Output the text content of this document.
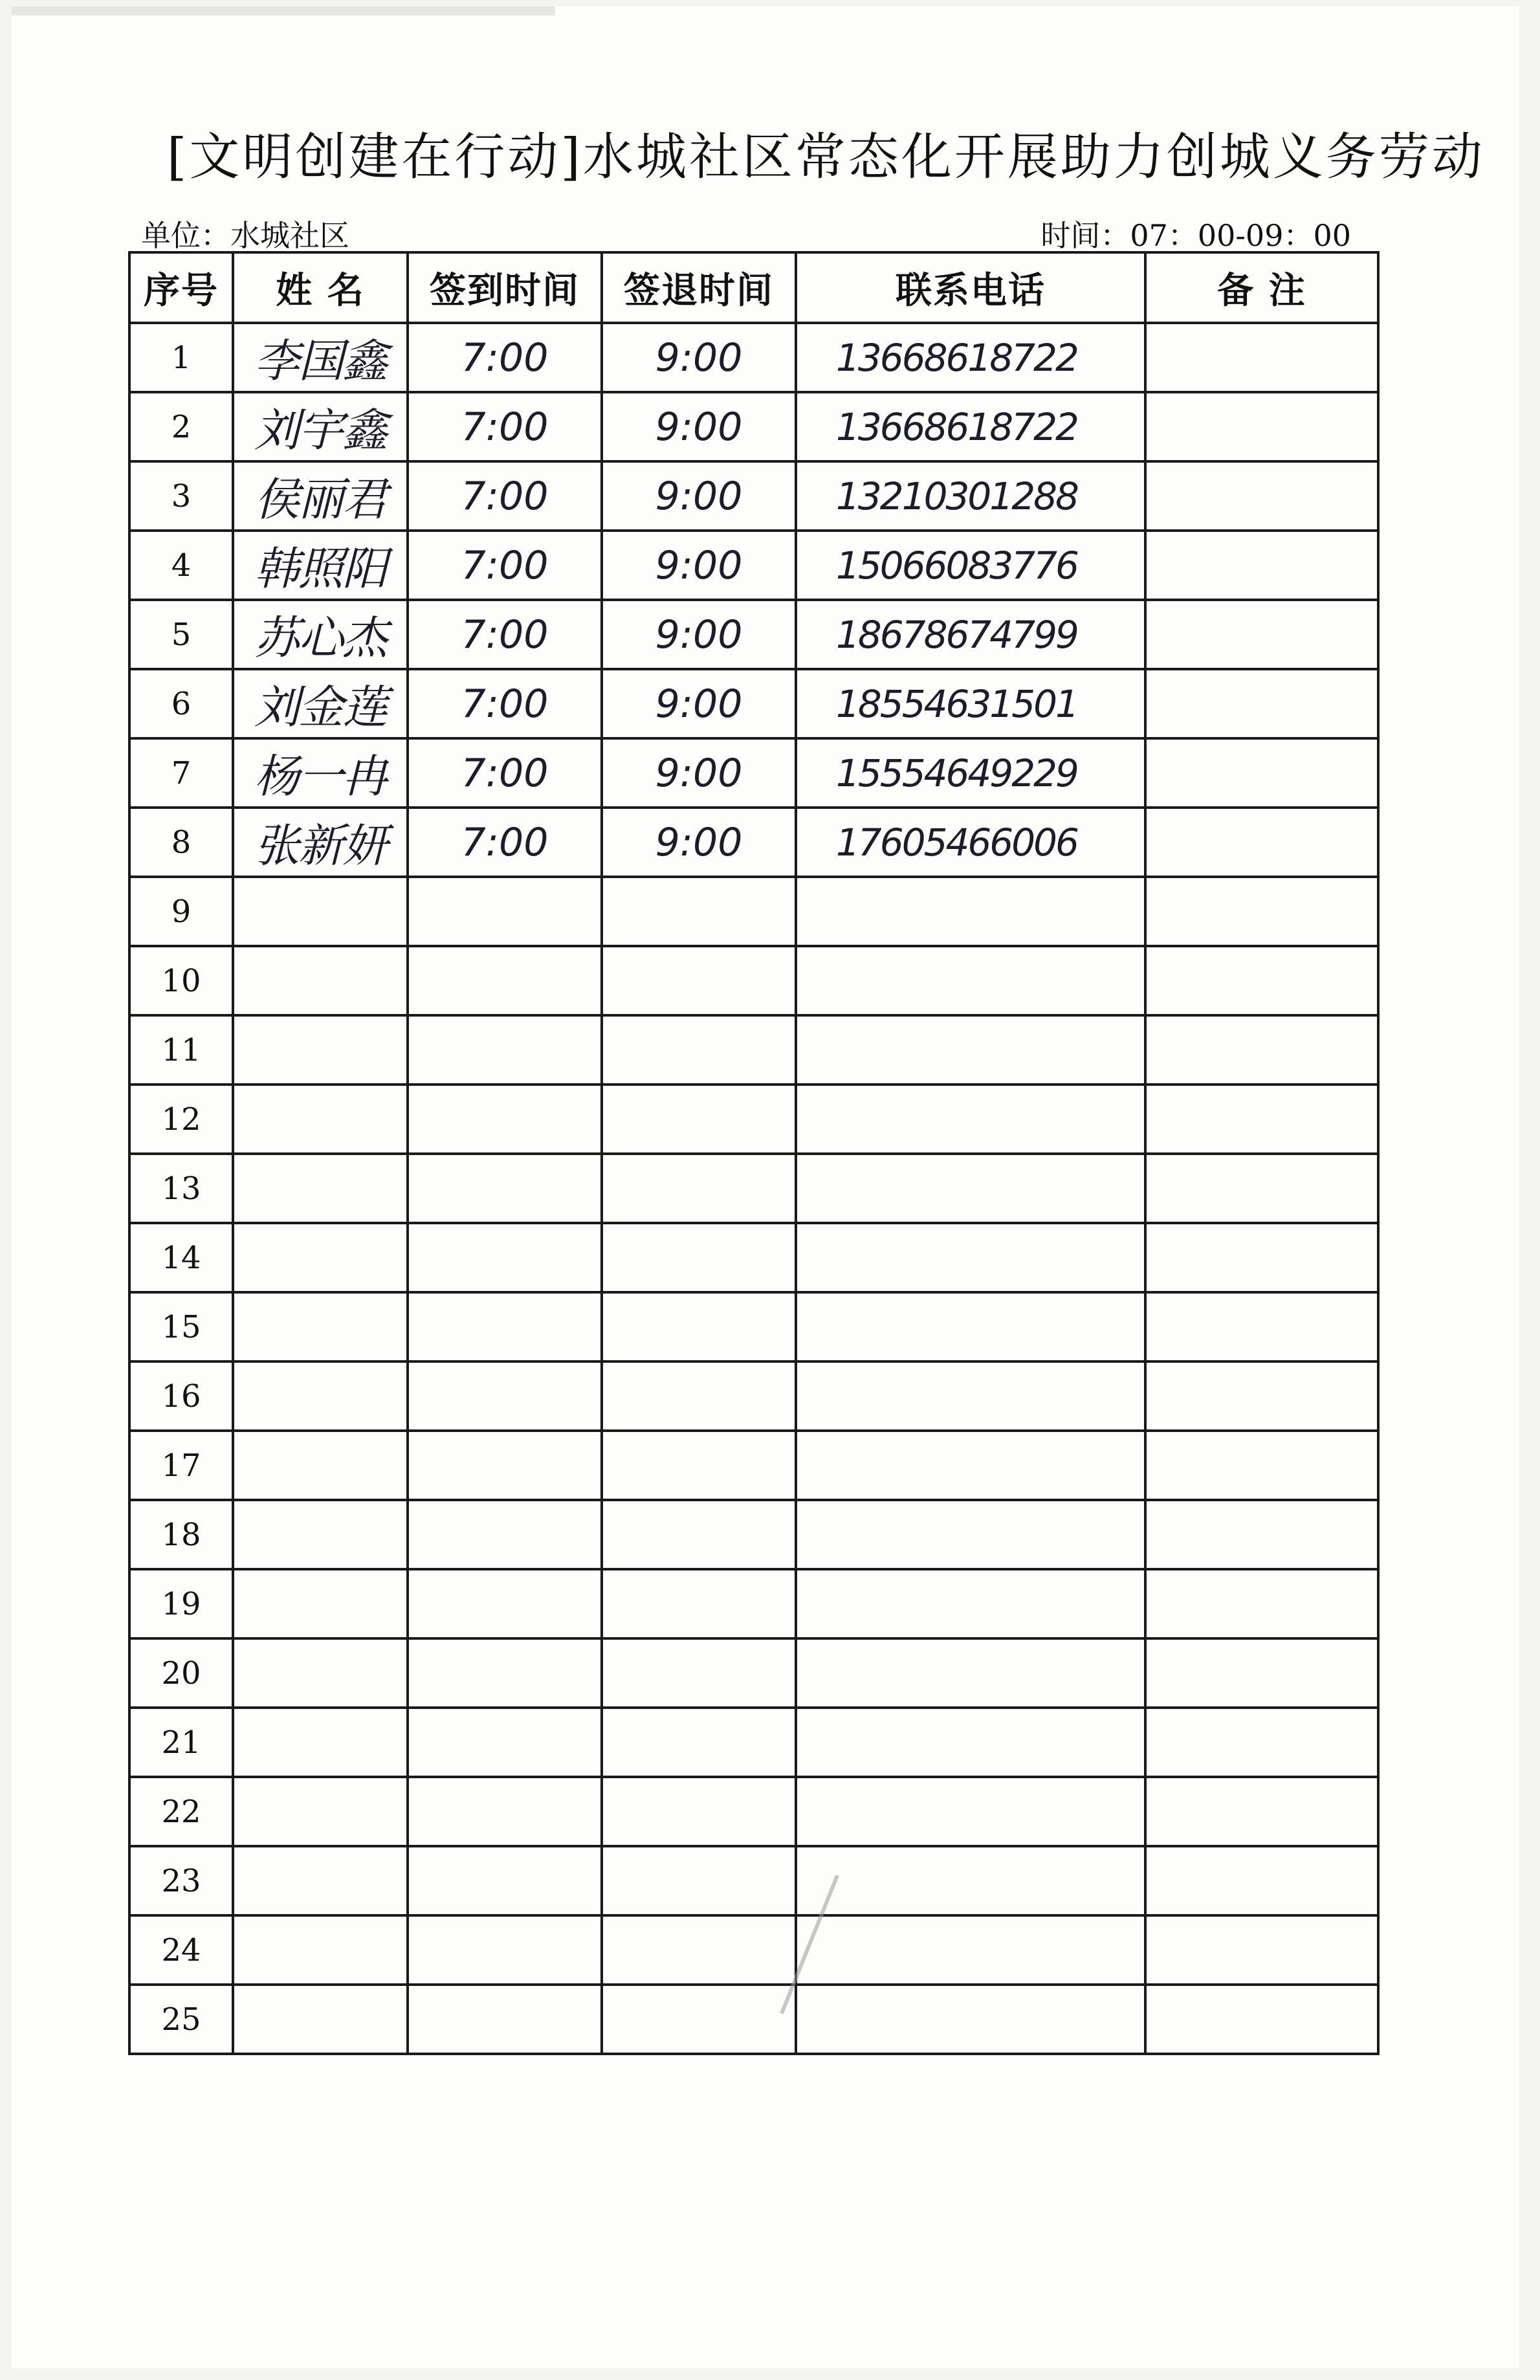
[文明创建在行动]水城社区常态化开展助力创城义务劳动
单位：水城社区	时间：07：00-09：00
序号	姓 名	签到时间	签退时间	联系电话	备 注
1	李国鑫	7:00	9:00	13668618722	
2	刘宇鑫	7:00	9:00	13668618722	
3	侯丽君	7:00	9:00	13210301288	
4	韩照阳	7:00	9:00	15066083776	
5	苏心杰	7:00	9:00	18678674799	
6	刘金莲	7:00	9:00	18554631501	
7	杨一冉	7:00	9:00	15554649229	
8	张新妍	7:00	9:00	17605466006	
9					
10					
11					
12					
13					
14					
15					
16					
17					
18					
19					
20					
21					
22					
23					
24					
25					
